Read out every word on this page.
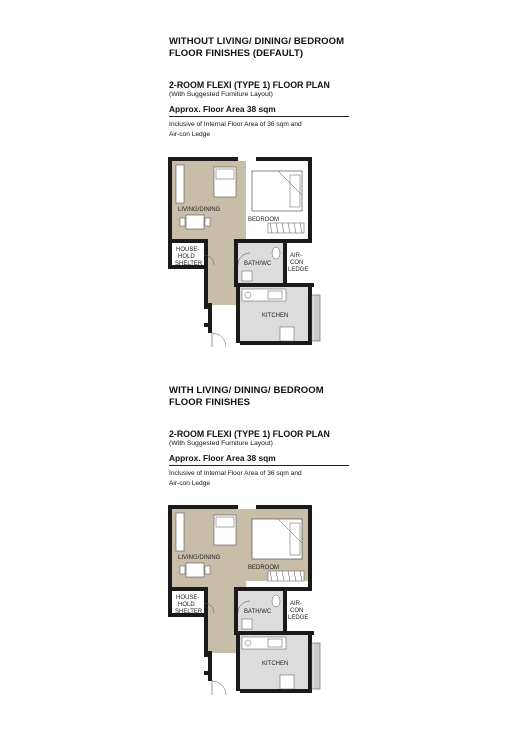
WITHOUT LIVING/ DINING/ BEDROOM
FLOOR FINISHES (DEFAULT)
2-ROOM FLEXI (TYPE 1) FLOOR PLAN
(With Suggested Furniture Layout)
Approx. Floor Area 38 sqm
Inclusive of Internal Floor Area of 36 sqm and
Air-con Ledge
LIVING/DINING
BEDROOM
HOUSE-
HOLD
SHELTER	BATH/WC
AIR-
CON
LEDGE
KITCHEN
WITH LIVING/ DINING/ BEDROOM
FLOOR FINISHES
2-ROOM FLEXI (TYPE 1) FLOOR PLAN
(With Suggested Furniture Layout)
Approx. Floor Area 38 sqm
Inclusive of Internal Floor Area of 36 sqm and
Air-con Ledge
LIVING/DINING
BEDROOM
HOUSE-
HOLD
SHELTER	BATH/WC
AIR-
CON
LEDGE
KITCHEN
